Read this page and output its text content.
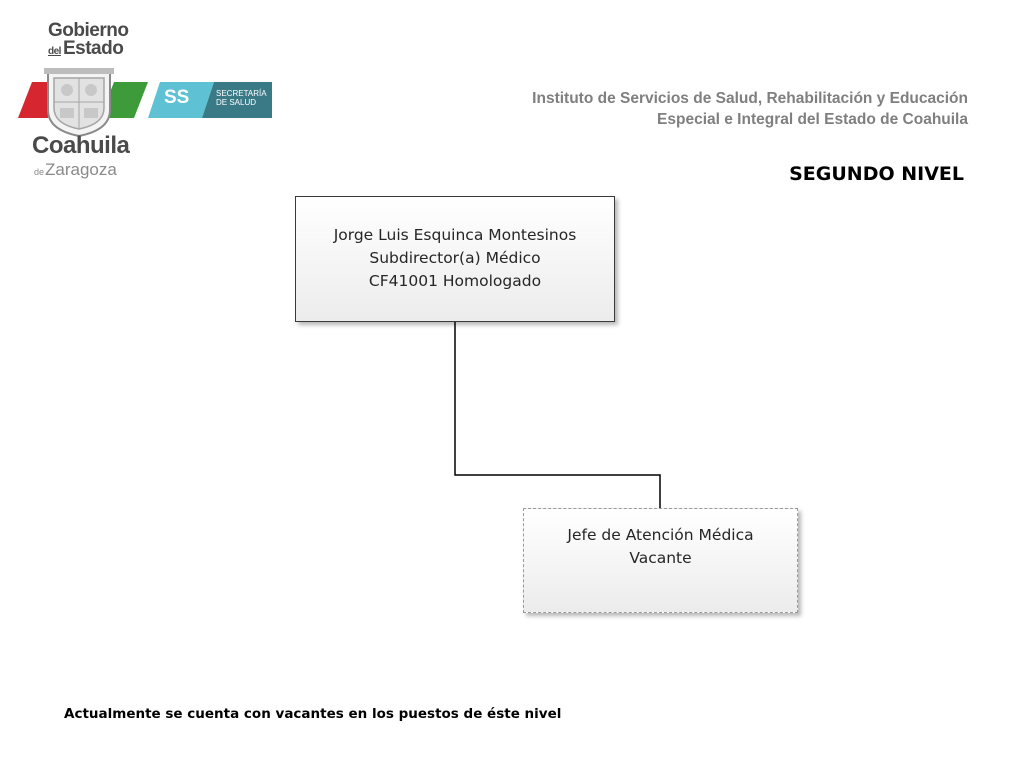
Gobierno
del Estado
SS	SECRETARÍA
DE SALUD
Coahuila
deZaragoza
Instituto de Servicios de Salud, Rehabilitación y Educación
Especial e Integral del Estado de Coahuila
SEGUNDO NIVEL
Jorge Luis Esquinca Montesinos
Subdirector(a) Médico
CF41001 Homologado
Jefe de Atención Médica
Vacante
Actualmente se cuenta con vacantes en los puestos de éste nivel
